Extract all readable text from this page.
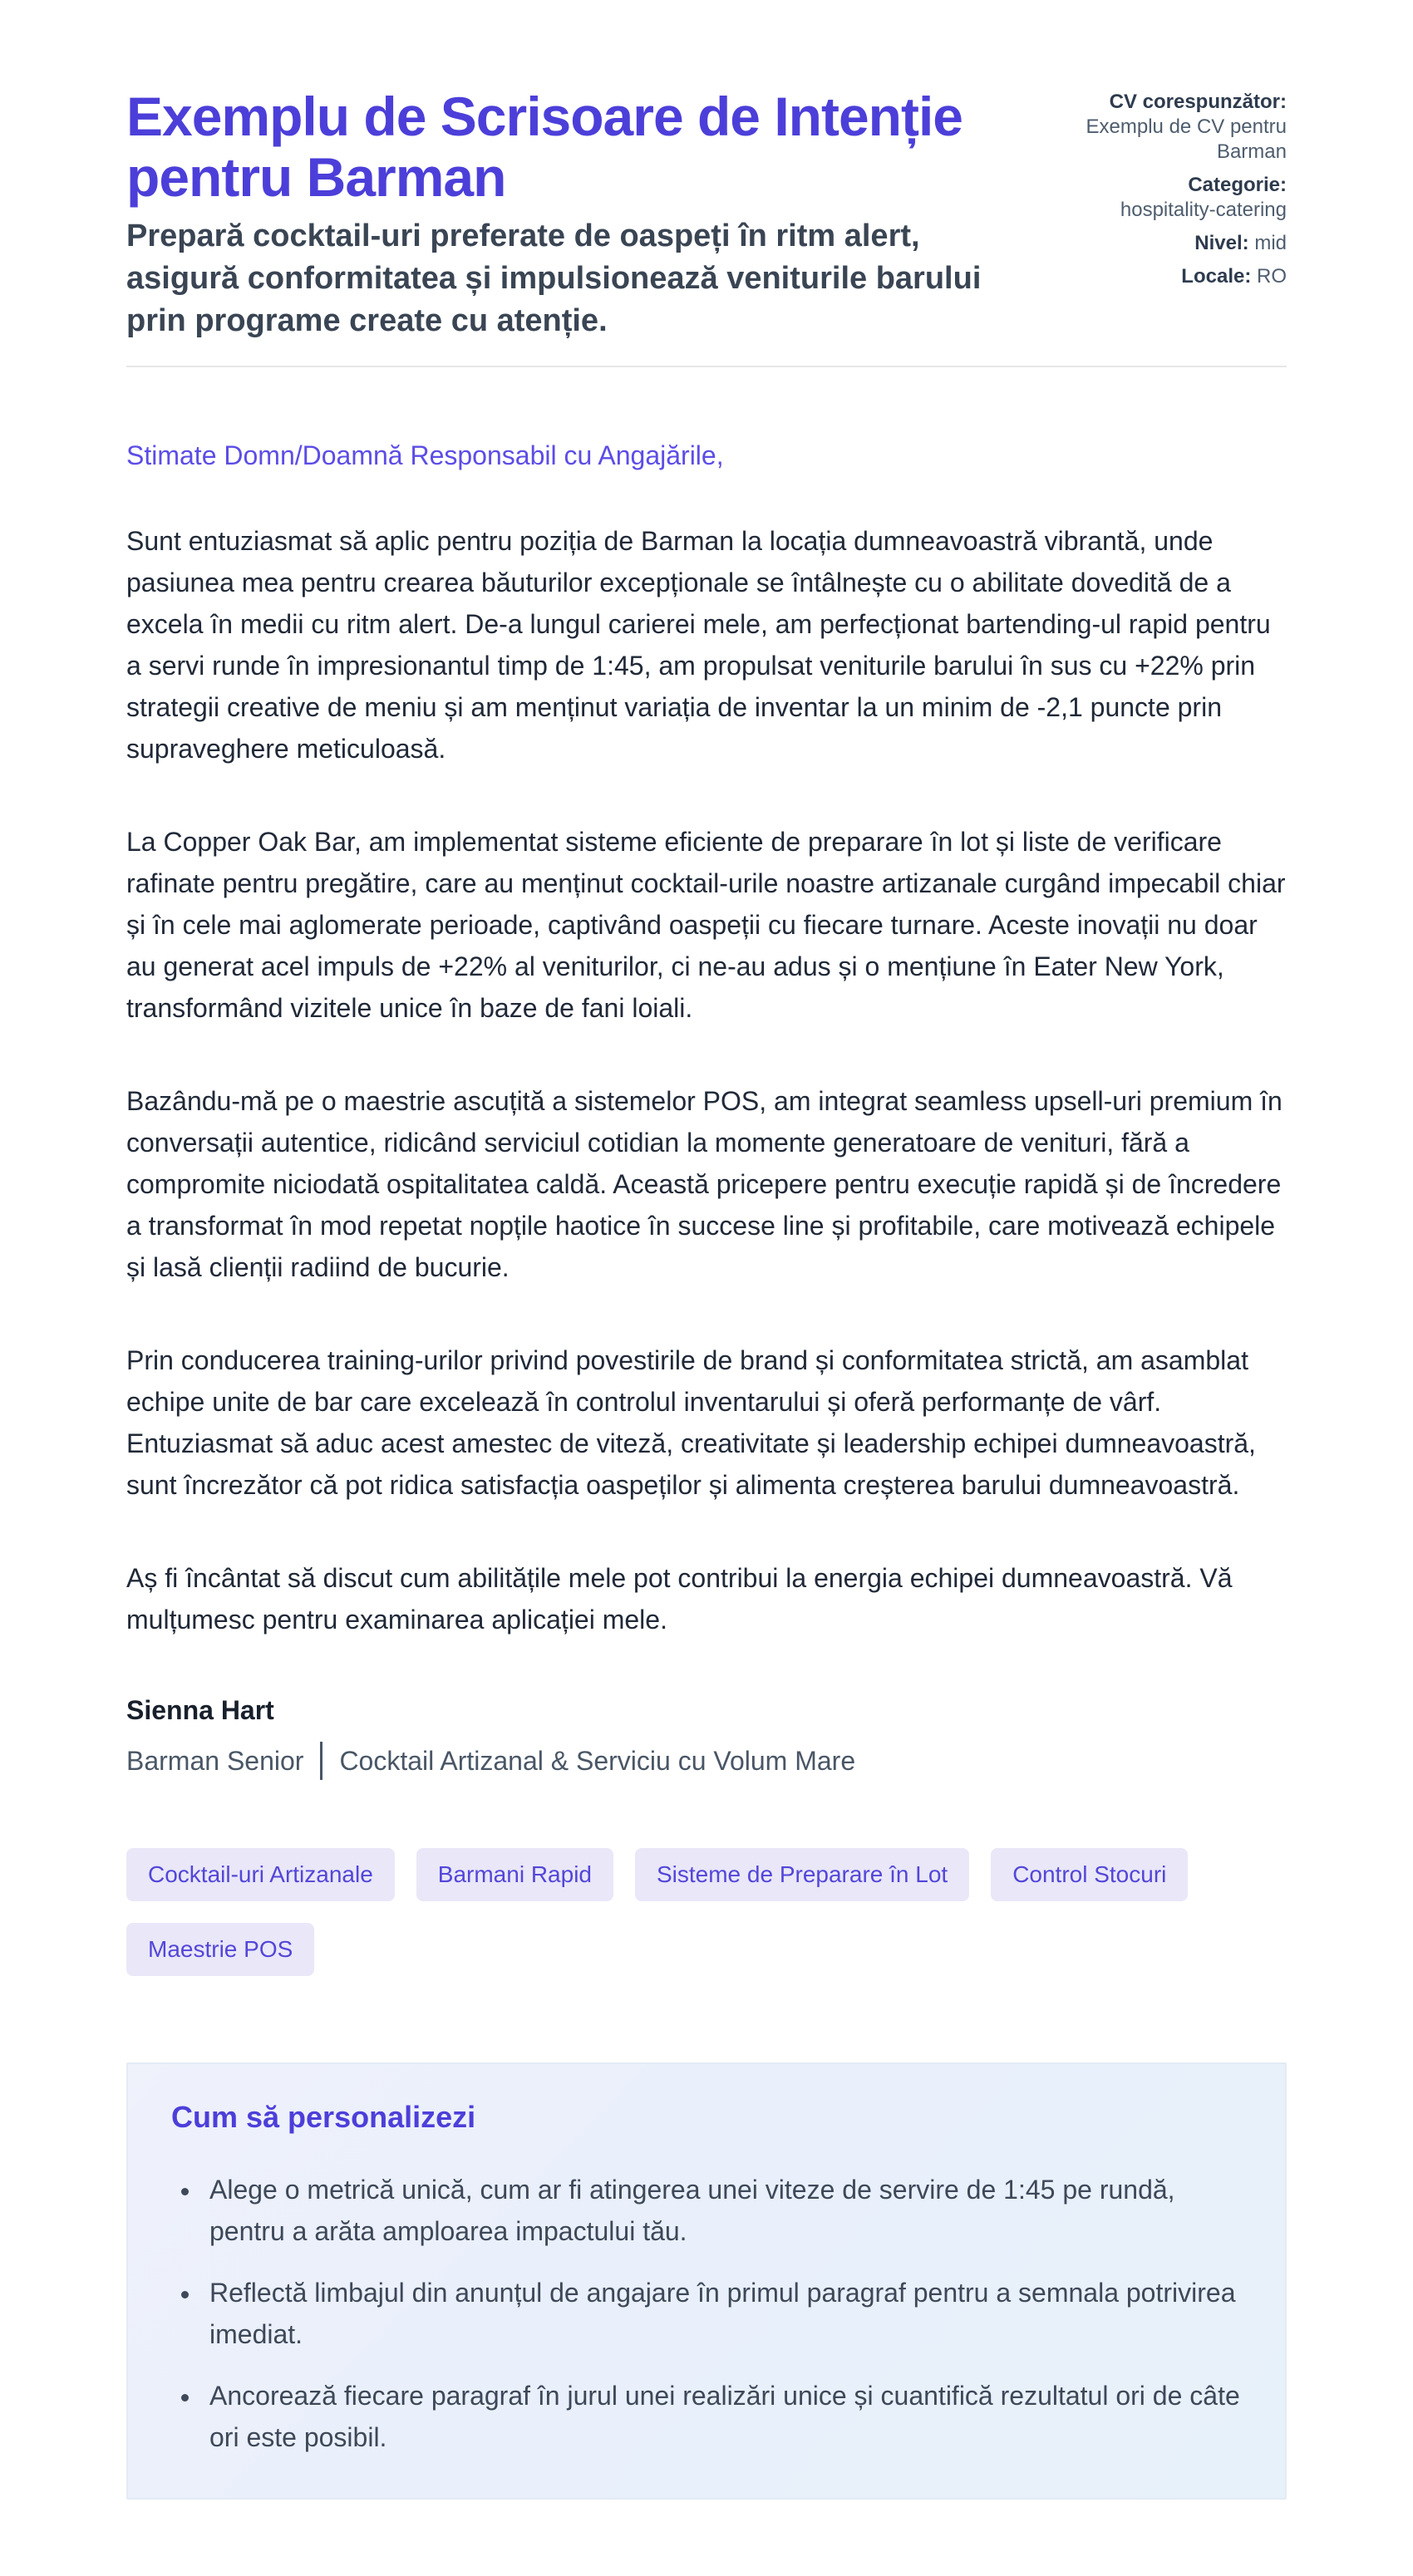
Exemplu de Scrisoare de Intenție pentru Barman

Prepară cocktail-uri preferate de oaspeți în ritm alert, asigură conformitatea și impulsionează veniturile barului prin programe create cu atenție.

CV corespunzător:
Exemplu de CV pentru Barman
Categorie:
hospitality-catering
Nivel: mid
Locale: RO

Stimate Domn/Doamnă Responsabil cu Angajările,

Sunt entuziasmat să aplic pentru poziția de Barman la locația dumneavoastră vibrantă, unde pasiunea mea pentru crearea băuturilor excepționale se întâlnește cu o abilitate dovedită de a excela în medii cu ritm alert. De-a lungul carierei mele, am perfecționat bartending-ul rapid pentru a servi runde în impresionantul timp de 1:45, am propulsat veniturile barului în sus cu +22% prin strategii creative de meniu și am menținut variația de inventar la un minim de -2,1 puncte prin supraveghere meticuloasă.

La Copper Oak Bar, am implementat sisteme eficiente de preparare în lot și liste de verificare rafinate pentru pregătire, care au menținut cocktail-urile noastre artizanale curgând impecabil chiar și în cele mai aglomerate perioade, captivând oaspeții cu fiecare turnare. Aceste inovații nu doar au generat acel impuls de +22% al veniturilor, ci ne-au adus și o mențiune în Eater New York, transformând vizitele unice în baze de fani loiali.

Bazându-mă pe o maestrie ascuțită a sistemelor POS, am integrat seamless upsell-uri premium în conversații autentice, ridicând serviciul cotidian la momente generatoare de venituri, fără a compromite niciodată ospitalitatea caldă. Această pricepere pentru execuție rapidă și de încredere a transformat în mod repetat nopțile haotice în succese line și profitabile, care motivează echipele și lasă clienții radiind de bucurie.

Prin conducerea training-urilor privind povestirile de brand și conformitatea strictă, am asamblat echipe unite de bar care excelează în controlul inventarului și oferă performanțe de vârf. Entuziasmat să aduc acest amestec de viteză, creativitate și leadership echipei dumneavoastră, sunt încrezător că pot ridica satisfacția oaspeților și alimenta creșterea barului dumneavoastră.

Aș fi încântat să discut cum abilitățile mele pot contribui la energia echipei dumneavoastră. Vă mulțumesc pentru examinarea aplicației mele.

Sienna Hart

Barman Senior Cocktail Artizanal & Serviciu cu Volum Mare

Cocktail-uri Artizanale	Barmani Rapid	Sisteme de Preparare în Lot	Control Stocuri
Maestrie POS
Cum să personalizezi
• Alege o metrică unică, cum ar fi atingerea unei viteze de servire de 1:45 pe rundă, pentru a arăta amploarea impactului tău.
• Reflectă limbajul din anunțul de angajare în primul paragraf pentru a semnala potrivirea imediat.
• Ancorează fiecare paragraf în jurul unei realizări unice și cuantifică rezultatul ori de câte ori este posibil.
